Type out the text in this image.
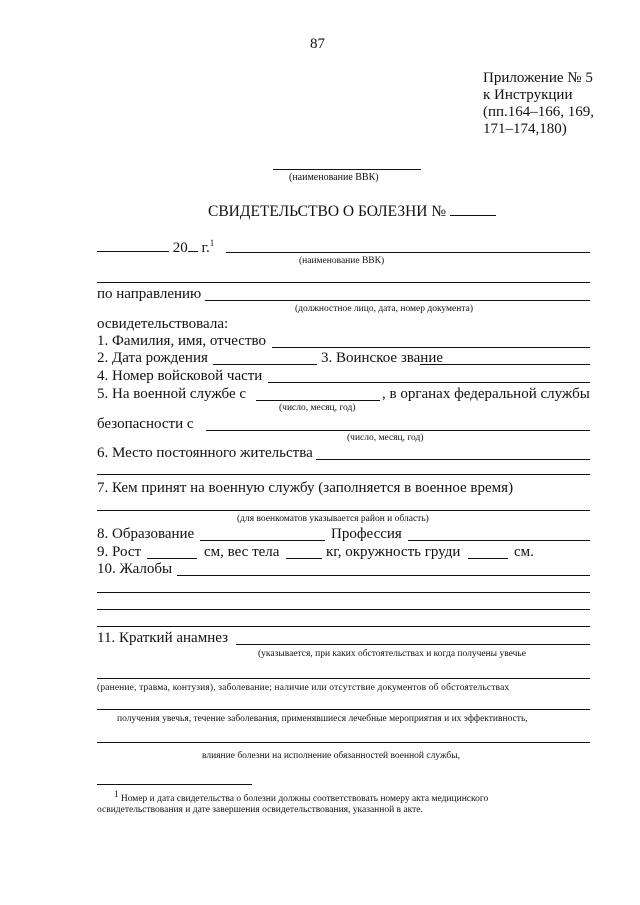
87
Приложение № 5
к Инструкции
(пп.164–166, 169,
171–174,180)
(наименование ВВК)
СВИДЕТЕЛЬСТВО О БОЛЕЗНИ №
20 г.$^1$
(наименование ВВК)
по направлению
(должностное лицо, дата, номер документа)
освидетельствовала:
1. Фамилия, имя, отчество
2. Дата рождения	3. Воинское звание
4. Номер войсковой части
5. На военной службе с	, в органах федеральной службы
(число, месяц, год)
безопасности с
(число, месяц, год)
6. Место постоянного жительства
7. Кем принят на военную службу (заполняется в военное время)
(для военкоматов указывается район и область)
8. Образование	Профессия
9. Рост	см, вес тела	кг, окружность груди	см.
10. Жалобы
11. Краткий анамнез
(указывается, при каких обстоятельствах и когда получены увечье
(ранение, травма, контузия), заболевание; наличие или отсутствие документов об обстоятельствах
получения увечья, течение заболевания, применявшиеся лечебные мероприятия и их эффективность,
влияние болезни на исполнение обязанностей военной службы,
$^1$ Номер и дата свидетельства о болезни должны соответствовать номеру акта медицинского
освидетельствования и дате завершения освидетельствования, указанной в акте.
